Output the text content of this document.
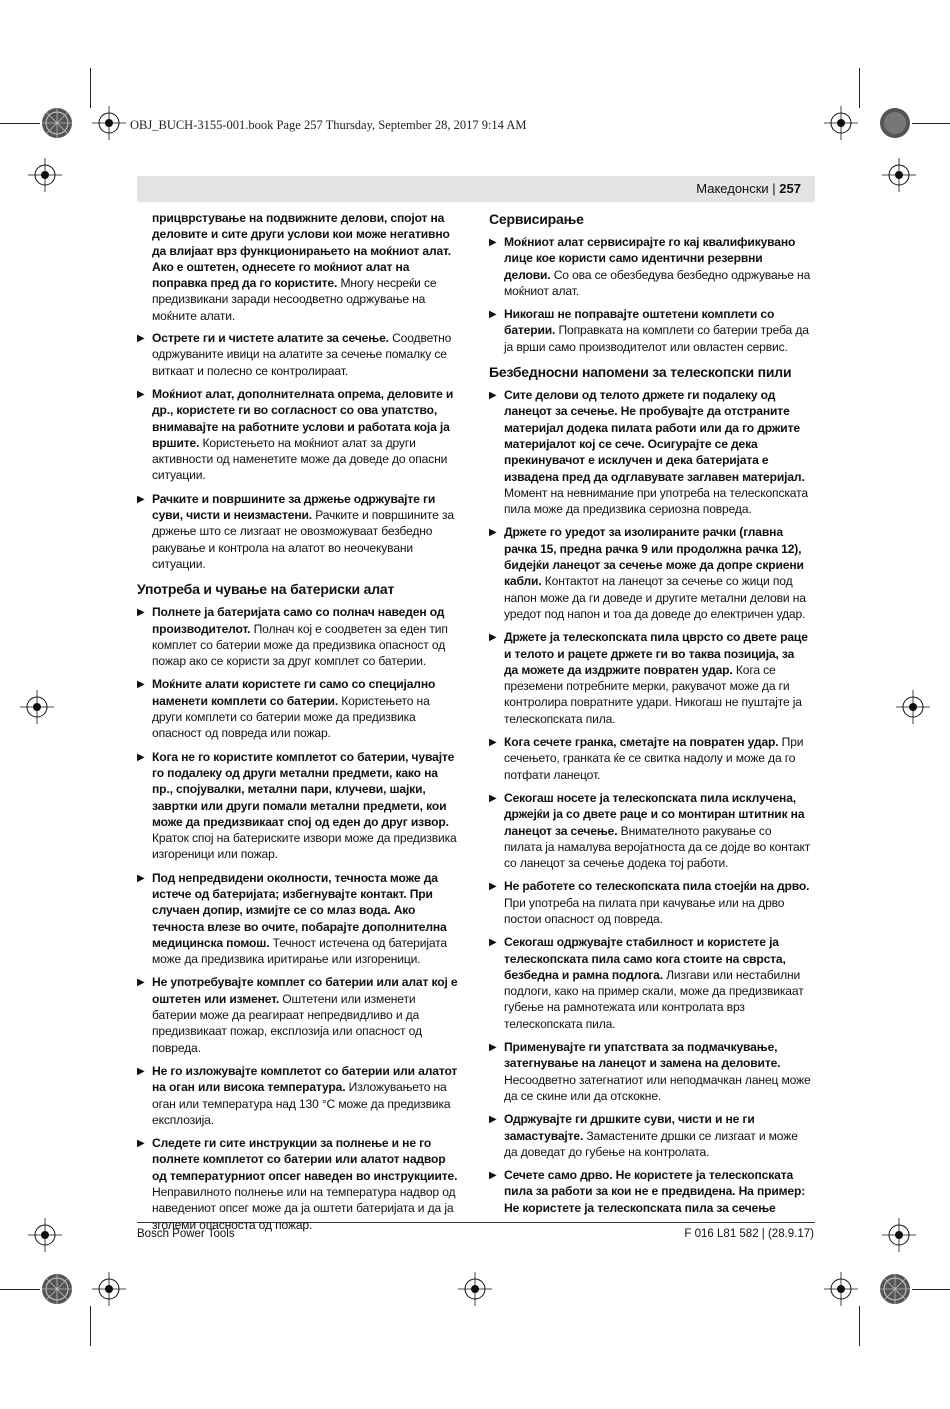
OBJ_BUCH-3155-001.book Page 257 Thursday, September 28, 2017 9:14 AM
Македонски | 257

прицврстување на подвижните делови, спојот на деловите и сите други услови кои може негативно да влијаат врз функционирањето на моќниот алат. Ако е оштетен, однесете го моќниот алат на поправка пред да го користите. Многу несреќи се предизвикани заради несоодветно одржување на моќните алати.

▶ Острете ги и чистете алатите за сечење. Соодветно одржуваните ивици на алатите за сечење помалку се виткаат и полесно се контролираат.

▶ Моќниот алат, дополнителната опрема, деловите и др., користете ги во согласност со ова упатство, внимавајте на работните услови и работата која ја вршите. Користењето на моќниот алат за други активности од наменетите може да доведе до опасни ситуации.

▶ Рачките и површините за држење одржувајте ги суви, чисти и неизмастени. Рачките и површините за држење што се лизгаат не овозможуваат безбедно ракување и контрола на алатот во неочекувани ситуации.

Употреба и чување на батериски алат

▶ Полнете ја батеријата само со полнач наведен од производителот. Полнач кој е соодветен за еден тип комплет со батерии може да предизвика опасност од пожар ако се користи за друг комплет со батерии.

▶ Моќните алати користете ги само со специјално наменети комплети со батерии. Користењето на други комплети со батерии може да предизвика опасност од повреда или пожар.

▶ Кога не го користите комплетот со батерии, чувајте го подалеку од други метални предмети, како на пр., спојувалки, метални пари, клучеви, шајки, завртки или други помали метални предмети, кои може да предизвикаат спој од еден до друг извор. Краток спој на батериските извори може да предизвика изгореници или пожар.

▶ Под непредвидени околности, течноста може да истече од батеријата; избегнувајте контакт. При случаен допир, измијте се со млаз вода. Ако течноста влезе во очите, побарајте дополнителна медицинска помош. Течност истечена од батеријата може да предизвика иритирање или изгореници.

▶ Не употребувајте комплет со батерии или алат кој е оштетен или изменет. Оштетени или изменети батерии може да реагираат непредвидливо и да предизвикаат пожар, експлозија или опасност од повреда.

▶ Не го изложувајте комплетот со батерии или алатот на оган или висока температура. Изложувањето на оган или температура над 130 °C може да предизвика експлозија.

▶ Следете ги сите инструкции за полнење и не го полнете комплетот со батерии или алатот надвор од температурниот опсег наведен во инструкциите. Неправилното полнење или на температура надвор од наведениот опсег може да ја оштети батеријата и да ја зголеми опасноста од пожар.

Сервисирање

▶ Моќниот алат сервисирајте го кај квалификувано лице кое користи само идентични резервни делови. Со ова се обезбедува безбедно одржување на моќниот алат.

▶ Никогаш не поправајте оштетени комплети со батерии. Поправката на комплети со батерии треба да ја врши само производителот или овластен сервис.

Безбедносни напомени за телескопски пили

▶ Сите делови од телото држете ги подалеку од ланецот за сечење. Не пробувајте да отстраните материјал додека пилата работи или да го држите материјалот кој се сече. Осигурајте се дека прекинувачот е исклучен и дека батеријата е извадена пред да одглавувате заглавен материјал. Момент на невнимание при употреба на телескопската пила може да предизвика сериозна повреда.

▶ Држете го уредот за изолираните рачки (главна рачка 15, предна рачка 9 или продолжна рачка 12), бидејќи ланецот за сечење може да допре скриени кабли. Контактот на ланецот за сечење со жици под напон може да ги доведе и другите метални делови на уредот под напон и тоа да доведе до електричен удар.

▶ Држете ја телескопската пила цврсто со двете раце и телото и рацете држете ги во таква позиција, за да можете да издржите повратен удар. Кога се преземени потребните мерки, ракувачот може да ги контролира повратните удари. Никогаш не пуштајте ја телескопската пила.

▶ Кога сечете гранка, сметајте на повратен удар. При сечењето, гранката ќе се свитка надолу и може да го потфати ланецот.

▶ Секогаш носете ја телескопската пила исклучена, држејќи ја со двете раце и со монтиран штитник на ланецот за сечење. Внимателното ракување со пилата ја намалува веројатноста да се дојде во контакт со ланецот за сечење додека тој работи.

▶ Не работете со телескопската пила стоејќи на дрво. При употреба на пилата при качување или на дрво постои опасност од повреда.

▶ Секогаш одржувајте стабилност и користете ја телескопската пила само кога стоите на сврста, безбедна и рамна подлога. Лизгави или нестабилни подлоги, како на пример скали, може да предизвикаат губење на рамнотежата или контролата врз телескопската пила.

▶ Применувајте ги упатствата за подмачкување, затегнување на ланецот и замена на деловите. Несоодветно затегнатиот или неподмачкан ланец може да се скине или да отскокне.

▶ Одржувајте ги дршките суви, чисти и не ги замастувајте. Замастените дршки се лизгаат и може да доведат до губење на контролата.

▶ Сечете само дрво. Не користете ја телескопската пила за работи за кои не е предвидена. На пример: Не користете ја телескопската пила за сечење

Bosch Power Tools	F 016 L81 582 | (28.9.17)
